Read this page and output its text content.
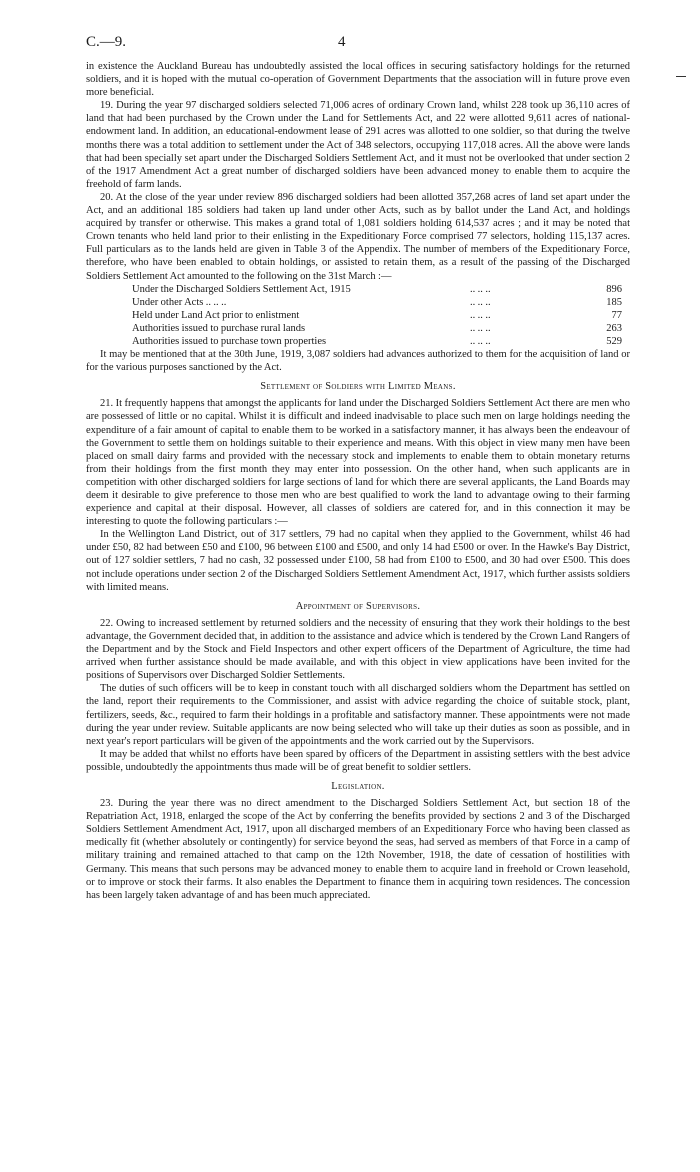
C.—9.	4

in existence the Auckland Bureau has undoubtedly assisted the local offices in securing satisfactory holdings for the returned soldiers, and it is hoped with the mutual co-operation of Government Departments that the association will in future prove even more beneficial.

19. During the year 97 discharged soldiers selected 71,006 acres of ordinary Crown land, whilst 228 took up 36,110 acres of land that had been purchased by the Crown under the Land for Settlements Act, and 22 were allotted 9,611 acres of national-endowment land. In addition, an educational-endowment lease of 291 acres was allotted to one soldier, so that during the twelve months there was a total addition to settlement under the Act of 348 selectors, occupying 117,018 acres. All the above were lands that had been specially set apart under the Discharged Soldiers Settlement Act, and it must not be overlooked that under section 2 of the 1917 Amendment Act a great number of discharged soldiers have been advanced money to enable them to acquire the freehold of farm lands.

20. At the close of the year under review 896 discharged soldiers had been allotted 357,268 acres of land set apart under the Act, and an additional 185 soldiers had taken up land under other Acts, such as by ballot under the Land Act, and holdings acquired by transfer or otherwise. This makes a grand total of 1,081 soldiers holding 614,537 acres ; and it may be noted that Crown tenants who held land prior to their enlisting in the Expeditionary Force comprised 77 selectors, holding 115,137 acres. Full particulars as to the lands held are given in Table 3 of the Appendix. The number of members of the Expeditionary Force, therefore, who have been enabled to obtain holdings, or assisted to retain them, as a result of the passing of the Discharged Soldiers Settlement Act amounted to the following on the 31st March :—

Under the Discharged Soldiers Settlement Act, 1915	.. .. ..	896
Under other Acts .. .. ..	.. .. ..	185
Held under Land Act prior to enlistment	.. .. ..	77
Authorities issued to purchase rural lands	.. .. ..	263
Authorities issued to purchase town properties	.. .. ..	529

It may be mentioned that at the 30th June, 1919, 3,087 soldiers had advances authorized to them for the acquisition of land or for the various purposes sanctioned by the Act.

Settlement of Soldiers with Limited Means.

21. It frequently happens that amongst the applicants for land under the Discharged Soldiers Settlement Act there are men who are possessed of little or no capital. Whilst it is difficult and indeed inadvisable to place such men on large holdings needing the expenditure of a fair amount of capital to enable them to be worked in a satisfactory manner, it has always been the endeavour of the Government to settle them on holdings suitable to their experience and means. With this object in view many men have been placed on small dairy farms and provided with the necessary stock and implements to enable them to obtain monetary returns from their holdings from the first month they may enter into possession. On the other hand, when such applicants are in competition with other discharged soldiers for large sections of land for which there are several applicants, the Land Boards may deem it desirable to give preference to those men who are best qualified to work the land to advantage owing to their farming experience and capital at their disposal. However, all classes of soldiers are catered for, and in this connection it may be interesting to quote the following particulars :—

In the Wellington Land District, out of 317 settlers, 79 had no capital when they applied to the Government, whilst 46 had under £50, 82 had between £50 and £100, 96 between £100 and £500, and only 14 had £500 or over. In the Hawke's Bay District, out of 127 soldier settlers, 7 had no cash, 32 possessed under £100, 58 had from £100 to £500, and 30 had over £500. This does not include operations under section 2 of the Discharged Soldiers Settlement Amendment Act, 1917, which further assists soldiers with limited means.

Appointment of Supervisors.

22. Owing to increased settlement by returned soldiers and the necessity of ensuring that they work their holdings to the best advantage, the Government decided that, in addition to the assistance and advice which is tendered by the Crown Land Rangers of the Department and by the Stock and Field Inspectors and other expert officers of the Department of Agriculture, the time had arrived when further assistance should be made available, and with this object in view applications have been invited for the positions of Supervisors over Discharged Soldier Settlements.

The duties of such officers will be to keep in constant touch with all discharged soldiers whom the Department has settled on the land, report their requirements to the Commissioner, and assist with advice regarding the choice of suitable stock, plant, fertilizers, seeds, &c., required to farm their holdings in a profitable and satisfactory manner. These appointments were not made during the year under review. Suitable applicants are now being selected who will take up their duties as soon as possible, and in next year's report particulars will be given of the appointments and the work carried out by the Supervisors.

It may be added that whilst no efforts have been spared by officers of the Department in assisting settlers with the best advice possible, undoubtedly the appointments thus made will be of great benefit to soldier settlers.

Legislation.

23. During the year there was no direct amendment to the Discharged Soldiers Settlement Act, but section 18 of the Repatriation Act, 1918, enlarged the scope of the Act by conferring the benefits provided by sections 2 and 3 of the Discharged Soldiers Settlement Amendment Act, 1917, upon all discharged members of an Expeditionary Force who having been classed as medically fit (whether absolutely or contingently) for service beyond the seas, had served as members of that Force in a camp of military training and remained attached to that camp on the 12th November, 1918, the date of cessation of hostilities with Germany. This means that such persons may be advanced money to enable them to acquire land in freehold or Crown leasehold, or to improve or stock their farms. It also enables the Department to finance them in acquiring town residences. The concession has been largely taken advantage of and has been much appreciated.
